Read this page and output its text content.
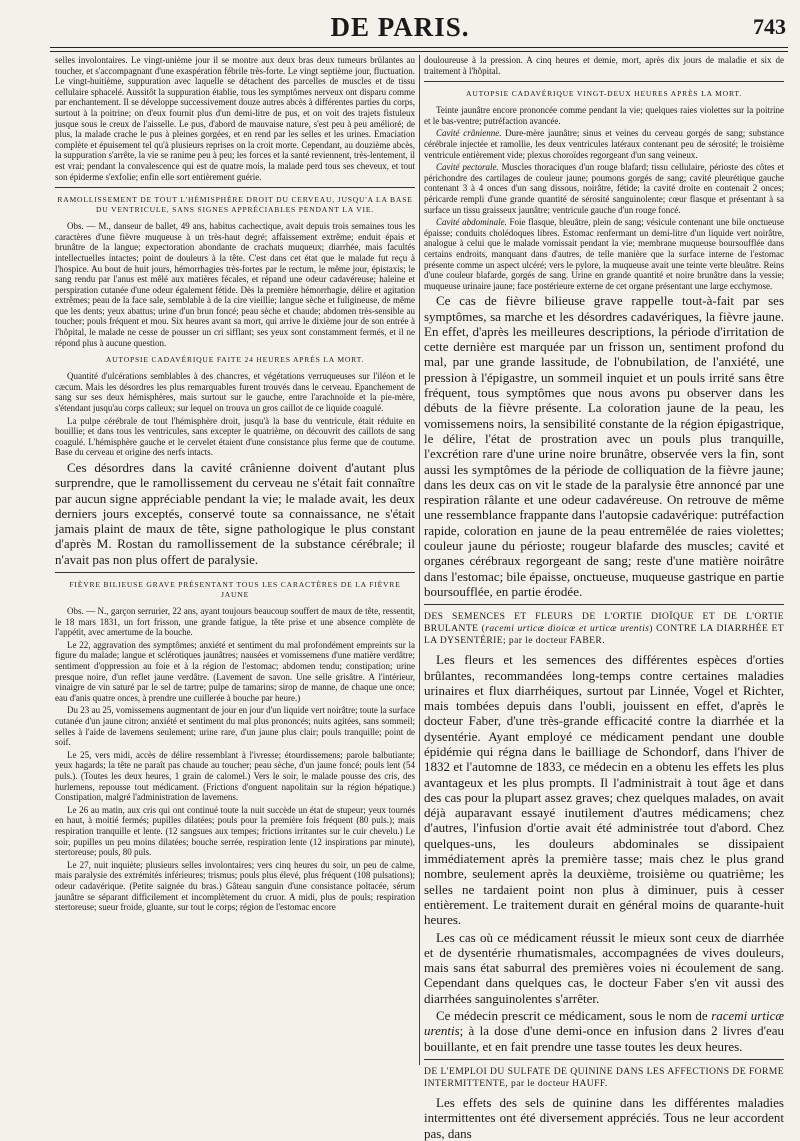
DE PARIS.	743

selles involontaires. Le vingt-unième jour il se montre aux deux bras deux tumeurs brûlantes au toucher, et s'accompagnant d'une exaspération fébrile très-forte. Le vingt septième jour, fluctuation. Le vingt-huitième, suppuration avec laquelle se détachent des parcelles de muscles et de tissu cellulaire sphacelé. Aussitôt la suppuration établie, tous les symptômes nerveux ont disparu comme par enchantement. Il se développe successivement douze autres abcès à différentes parties du corps, surtout à la poitrine; on d'eux fournit plus d'un demi-litre de pus, et on voit des trajets fistuleux jusque sous le creux de l'aisselle. Le pus, d'abord de mauvaise nature, s'est peu à peu amélioré; de plus, la malade crache le pus à pleines gorgées, et en rend par les selles et les urines. Emaciation complète et épuisement tel qu'à plusieurs reprises on la croit morte. Cependant, au douzième abcès, la suppuration s'arrête, la vie se ranime peu à peu; les forces et la santé reviennent, très-lentement, il est vrai; pendant la convalescence qui est de quatre mois, la malade perd tous ses cheveux, et tout son épiderme s'exfolie; enfin elle sort entièrement guérie.

RAMOLLISSEMENT DE TOUT L'HÉMISPHÈRE DROIT DU CERVEAU, JUSQU'A LA BASE DU VENTRICULE, SANS SIGNES APPRÉCIABLES PENDANT LA VIE.

Obs. — M., danseur de ballet, 49 ans, habitus cachectique, avait depuis trois semaines tous les caractères d'une fièvre muqueuse à un très-haut degré; affaissement extrême; enduit épais et brunâtre de la langue; expectoration abondante de crachats muqueux; diarrhée, mais facultés intellectuelles intactes; point de douleurs à la tête. C'est dans cet état que le malade fut reçu à l'hospice. Au bout de huit jours, hémorrhagies très-fortes par le rectum, le même jour, épistaxis; le sang rendu par l'anus est mêlé aux matières fécales, et répand une odeur cadavéreuse; haleine et perspiration cutanée d'une odeur également fétide. Dès la première hémorrhagie, délire et agitation extrêmes; peau de la face sale, semblable à de la cire vieillie; langue sèche et fuligineuse, de même que les dents; yeux abattus; urine d'un brun foncé; peau sèche et chaude; abdomen très-sensible au toucher; pouls fréquent et mou. Six heures avant sa mort, qui arrive le dixième jour de son entrée à l'hôpital, le malade ne cesse de pousser un cri sifflant; ses yeux sont constamment fermés, et il ne répond plus à aucune question.

AUTOPSIE CADAVÉRIQUE FAITE 24 HEURES APRÈS LA MORT.

Quantité d'ulcérations semblables à des chancres, et végétations verruqueuses sur l'iléon et le cæcum. Mais les désordres les plus remarquables furent trouvés dans le cerveau. Epanchement de sang sur ses deux hémisphères, mais surtout sur le gauche, entre l'arachnoïde et la pie-mère, s'étendant jusqu'au corps calleux; sur lequel on trouva un gros caillot de ce liquide coagulé.

La pulpe cérébrale de tout l'hémisphère droit, jusqu'à la base du ventricule, était réduite en bouillie; et dans tous les ventricules, sans excepter le quatrième, on découvrit des caillots de sang coagulé. L'hémisphère gauche et le cervelet étaient d'une consistance plus ferme que de coutume. Base du cerveau et origine des nerfs intacts.

Ces désordres dans la cavité crânienne doivent d'autant plus surprendre, que le ramollissement du cerveau ne s'était fait connaître par aucun signe appréciable pendant la vie; le malade avait, les deux derniers jours exceptés, conservé toute sa connaissance, ne s'était jamais plaint de maux de tête, signe pathologique le plus constant d'après M. Rostan du ramollissement de la substance cérébrale; il n'avait pas non plus offert de paralysie.

FIÈVRE BILIEUSE GRAVE PRÉSENTANT TOUS LES CARACTÈRES DE LA FIÈVRE JAUNE

Obs. — N., garçon serrurier, 22 ans, ayant toujours beaucoup souffert de maux de tête, ressentit, le 18 mars 1831, un fort frisson, une grande fatigue, la tête prise et une absence complète de l'appétit, avec amertume de la bouche.

Le 22, aggravation des symptômes; anxiété et sentiment du mal profondément empreints sur la figure du malade; langue et sclérotiques jaunâtres; nausées et vomissemens d'une matière verdâtre; sentiment d'oppression au foie et à la région de l'estomac; abdomen tendu; constipation; urine presque noire, d'un reflet jaune verdâtre. (Lavement de savon. Une selle grisâtre. A l'intérieur, vinaigre de vin saturé par le sel de tartre; pulpe de tamarins; sirop de manne, de chaque une once; eau d'anis quatre onces, à prendre une cuillerée à bouche par heure.)

Du 23 au 25, vomissemens augmentant de jour en jour d'un liquide vert noirâtre; toute la surface cutanée d'un jaune citron; anxiété et sentiment du mal plus prononcés; nuits agitées, sans sommeil; selles à l'aide de lavemens seulement; urine rare, d'un jaune plus clair; pouls tranquille; point de soif.

Le 25, vers midi, accès de délire ressemblant à l'ivresse; étourdissemens; parole balbutiante; yeux hagards; la tête ne paraît pas chaude au toucher; peau sèche, d'un jaune foncé; pouls lent (54 puls.). (Toutes les deux heures, 1 grain de calomel.) Vers le soir, le malade pousse des cris, des hurlemens, repousse tout médicament. (Frictions d'onguent napolitain sur la région hépatique.) Constipation, malgré l'administration de lavemens.

Le 26 au matin, aux cris qui ont continué toute la nuit succède un état de stupeur; yeux tournés en haut, à moitié fermés; pupilles dilatées; pouls pour la première fois fréquent (80 puls.); mais respiration tranquille et lente. (12 sangsues aux tempes; frictions irritantes sur le cuir chevelu.) Le soir, pupilles un peu moins dilatées; bouche serrée, respiration lente (12 inspirations par minute), stertoreuse; pouls, 80 puls.

Le 27, nuit inquiète; plusieurs selles involontaires; vers cinq heures du soir, un peu de calme, mais paralysie des extrémités inférieures; trismus; pouls plus élevé, plus fréquent (108 pulsations); odeur cadavérique. (Petite saignée du bras.) Gâteau sanguin d'une consistance poltacée, sérum jaunâtre se séparant difficilement et incomplètement du cruor. A midi, plus de pouls; respiration stertoreuse; sueur froide, gluante, sur tout le corps; région de l'estomac encore

douloureuse à la pression. A cinq heures et demie, mort, après dix jours de maladie et six de traitement à l'hôpital.

AUTOPSIE CADAVÉRIQUE VINGT-DEUX HEURES APRÈS LA MORT.

Teinte jaunâtre encore prononcée comme pendant la vie; quelques raies violettes sur la poitrine et le bas-ventre; putréfaction avancée.

Cavité crânienne. Dure-mère jaunâtre; sinus et veines du cerveau gorgés de sang; substance cérébrale injectée et ramollie, les deux ventricules latéraux contenant peu de sérosité; le troisième ventricule entièrement vide; plexus choroïdes regorgeant d'un sang veineux.

Cavité pectorale. Muscles thoraciques d'un rouge blafard; tissu cellulaire, périoste des côtes et périchondre des cartilages de couleur jaune; poumons gorgés de sang; cavité pleurétique gauche contenant 3 à 4 onces d'un sang dissous, noirâtre, fétide; la cavité droite en contenait 2 onces; péricarde rempli d'une grande quantité de sérosité sanguinolente; cœur flasque et présentant à sa surface un tissu graisseux jaunâtre; ventricule gauche d'un rouge foncé.

Cavité abdominale. Foie flasque, bleuâtre, plein de sang; vésicule contenant une bile onctueuse épaisse; conduits cholédoques libres. Estomac renfermant un demi-litre d'un liquide vert noirâtre, analogue à celui que le malade vomissait pendant la vie; membrane muqueuse boursoufflée dans certains endroits, manquant dans d'autres, de telle manière que la surface interne de l'estomac présente comme un aspect ulcéré; vers le pylore, la muqueuse avait une teinte verte bleuâtre. Reins d'une couleur blafarde, gorgés de sang. Urine en grande quantité et noire brunâtre dans la vessie; muqueuse urinaire jaune; face postérieure externe de cet organe présentant une large ecchymose.

Ce cas de fièvre bilieuse grave rappelle tout-à-fait par ses symptômes, sa marche et les désordres cadavériques, la fièvre jaune. En effet, d'après les meilleures descriptions, la période d'irritation de cette dernière est marquée par un frisson un, sentiment profond du mal, par une grande lassitude, de l'obnubilation, de l'anxiété, une pression à l'épigastre, un sommeil inquiet et un pouls irrité sans être fréquent, tous symptômes que nous avons pu observer dans les débuts de la fièvre présente. La coloration jaune de la peau, les vomissemens noirs, la sensibilité constante de la région épigastrique, le délire, l'état de prostration avec un pouls plus tranquille, l'excrétion rare d'une urine noire brunâtre, observée vers la fin, sont aussi les symptômes de la période de colliquation de la fièvre jaune; dans les deux cas on vit le stade de la paralysie être annoncé par une respiration râlante et une odeur cadavéreuse. On retrouve de même une ressemblance frappante dans l'autopsie cadavérique: putréfaction rapide, coloration en jaune de la peau entremêlée de raies violettes; couleur jaune du périoste; rougeur blafarde des muscles; cavité et organes cérébraux regorgeant de sang; reste d'une matière noirâtre dans l'estomac; bile épaisse, onctueuse, muqueuse gastrique en partie boursoufflée, en partie érodée.

DES SEMENCES ET FLEURS DE L'ORTIE DIOÏQUE ET DE L'ORTIE BRULANTE (racemi urticæ dioicæ et urticæ urentis) CONTRE LA DIARRHÉE ET LA DYSENTÉRIE; par le docteur FABER.

Les fleurs et les semences des différentes espèces d'orties brûlantes, recommandées long-temps contre certaines maladies urinaires et flux diarrhéiques, surtout par Linnée, Vogel et Richter, mais tombées depuis dans l'oubli, jouissent en effet, d'après le docteur Faber, d'une très-grande efficacité contre la diarrhée et la dysentérie. Ayant employé ce médicament pendant une double épidémie qui régna dans le bailliage de Schondorf, dans l'hiver de 1832 et l'automne de 1833, ce médecin en a obtenu les effets les plus avantageux et les plus prompts. Il l'administrait à tout âge et dans des cas pour la plupart assez graves; chez quelques malades, on avait déjà auparavant essayé inutilement d'autres médicamens; chez d'autres, l'infusion d'ortie avait été administrée tout d'abord. Chez quelques-uns, les douleurs abdominales se dissipaient immédiatement après la première tasse; mais chez le plus grand nombre, seulement après la deuxième, troisième ou quatrième; les selles ne tardaient point non plus à diminuer, puis à cesser entièrement. Le traitement durait en général moins de quarante-huit heures.

Les cas où ce médicament réussit le mieux sont ceux de diarrhée et de dysentérie rhumatismales, accompagnées de vives douleurs, mais sans état saburral des premières voies ni écoulement de sang. Cependant dans quelques cas, le docteur Faber s'en vit aussi des diarrhées sanguinolentes s'arrêter.

Ce médecin prescrit ce médicament, sous le nom de racemi urticæ urentis; à la dose d'une demi-once en infusion dans 2 livres d'eau bouillante, et en fait prendre une tasse toutes les deux heures.

DE L'EMPLOI DU SULFATE DE QUININE DANS LES AFFECTIONS DE FORME INTERMITTENTE, par le docteur HAUFF.

Les effets des sels de quinine dans les différentes maladies intermittentes ont été diversement appréciés. Tous ne leur accordent pas, dans
